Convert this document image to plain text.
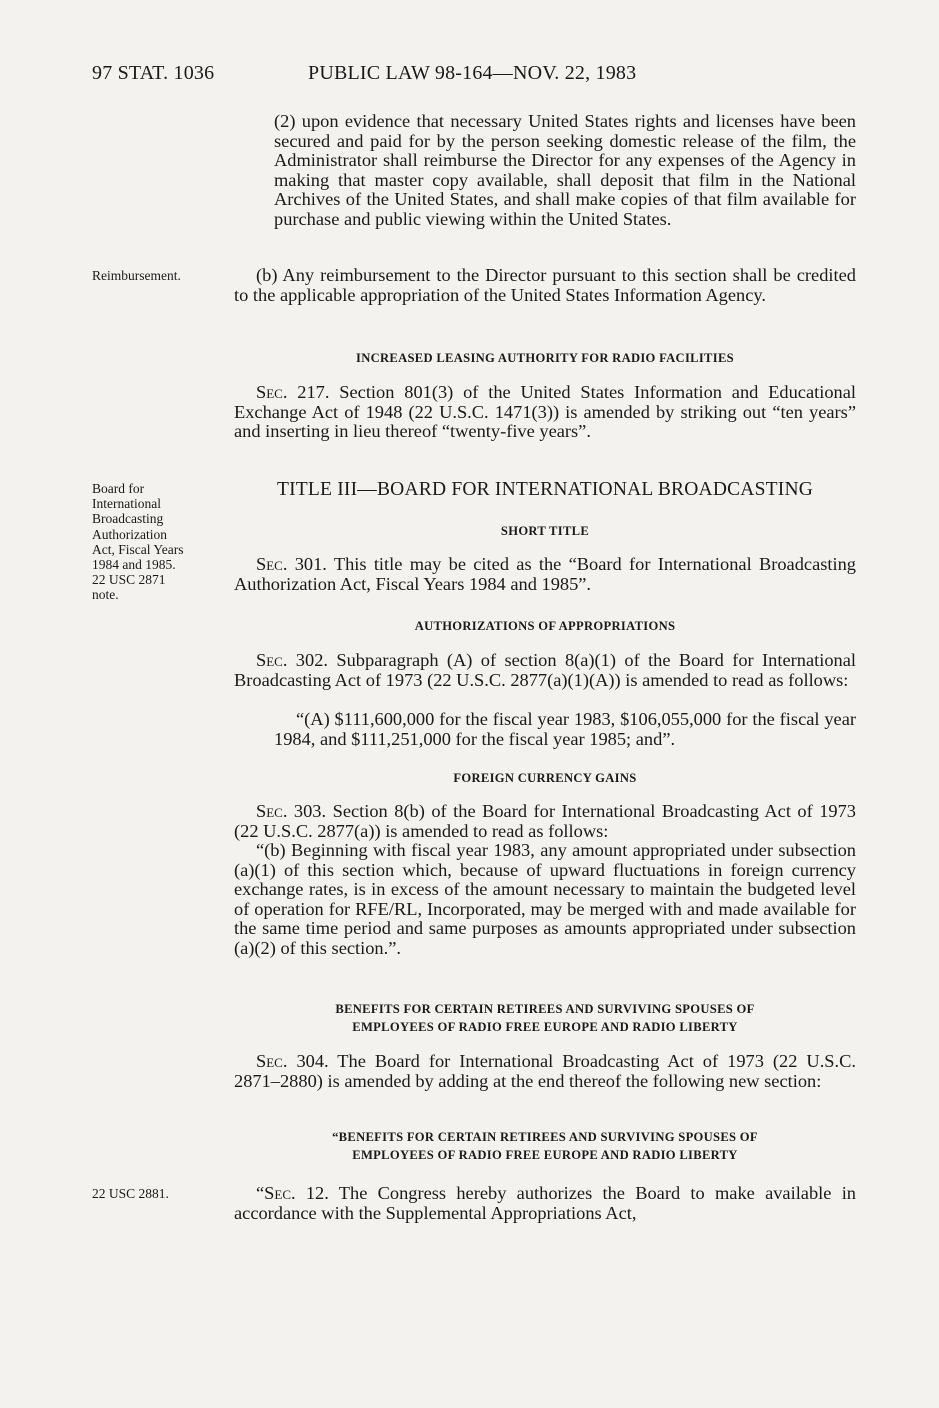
97 STAT. 1036	PUBLIC LAW 98-164—NOV. 22, 1983
(2) upon evidence that necessary United States rights and licenses have been secured and paid for by the person seeking domestic release of the film, the Administrator shall reimburse the Director for any expenses of the Agency in making that master copy available, shall deposit that film in the National Archives of the United States, and shall make copies of that film available for purchase and public viewing within the United States.
Reimbursement.	(b) Any reimbursement to the Director pursuant to this section shall be credited to the applicable appropriation of the United States Information Agency.
INCREASED LEASING AUTHORITY FOR RADIO FACILITIES
Sec. 217. Section 801(3) of the United States Information and Educational Exchange Act of 1948 (22 U.S.C. 1471(3)) is amended by striking out “ten years” and inserting in lieu thereof “twenty-five years”.
Board for
International
Broadcasting
Authorization
Act, Fiscal Years
1984 and 1985.
22 USC 2871
note.
TITLE III—BOARD FOR INTERNATIONAL BROADCASTING
SHORT TITLE
Sec. 301. This title may be cited as the “Board for International Broadcasting Authorization Act, Fiscal Years 1984 and 1985”.
AUTHORIZATIONS OF APPROPRIATIONS
Sec. 302. Subparagraph (A) of section 8(a)(1) of the Board for International Broadcasting Act of 1973 (22 U.S.C. 2877(a)(1)(A)) is amended to read as follows:
“(A) $111,600,000 for the fiscal year 1983, $106,055,000 for the fiscal year 1984, and $111,251,000 for the fiscal year 1985; and”.
FOREIGN CURRENCY GAINS
Sec. 303. Section 8(b) of the Board for International Broadcasting Act of 1973 (22 U.S.C. 2877(a)) is amended to read as follows:
“(b) Beginning with fiscal year 1983, any amount appropriated under subsection (a)(1) of this section which, because of upward fluctuations in foreign currency exchange rates, is in excess of the amount necessary to maintain the budgeted level of operation for RFE/RL, Incorporated, may be merged with and made available for the same time period and same purposes as amounts appropriated under subsection (a)(2) of this section.”.
BENEFITS FOR CERTAIN RETIREES AND SURVIVING SPOUSES OF
EMPLOYEES OF RADIO FREE EUROPE AND RADIO LIBERTY
Sec. 304. The Board for International Broadcasting Act of 1973 (22 U.S.C. 2871–2880) is amended by adding at the end thereof the following new section:
“BENEFITS FOR CERTAIN RETIREES AND SURVIVING SPOUSES OF
EMPLOYEES OF RADIO FREE EUROPE AND RADIO LIBERTY
22 USC 2881.	“Sec. 12. The Congress hereby authorizes the Board to make available in accordance with the Supplemental Appropriations Act,
